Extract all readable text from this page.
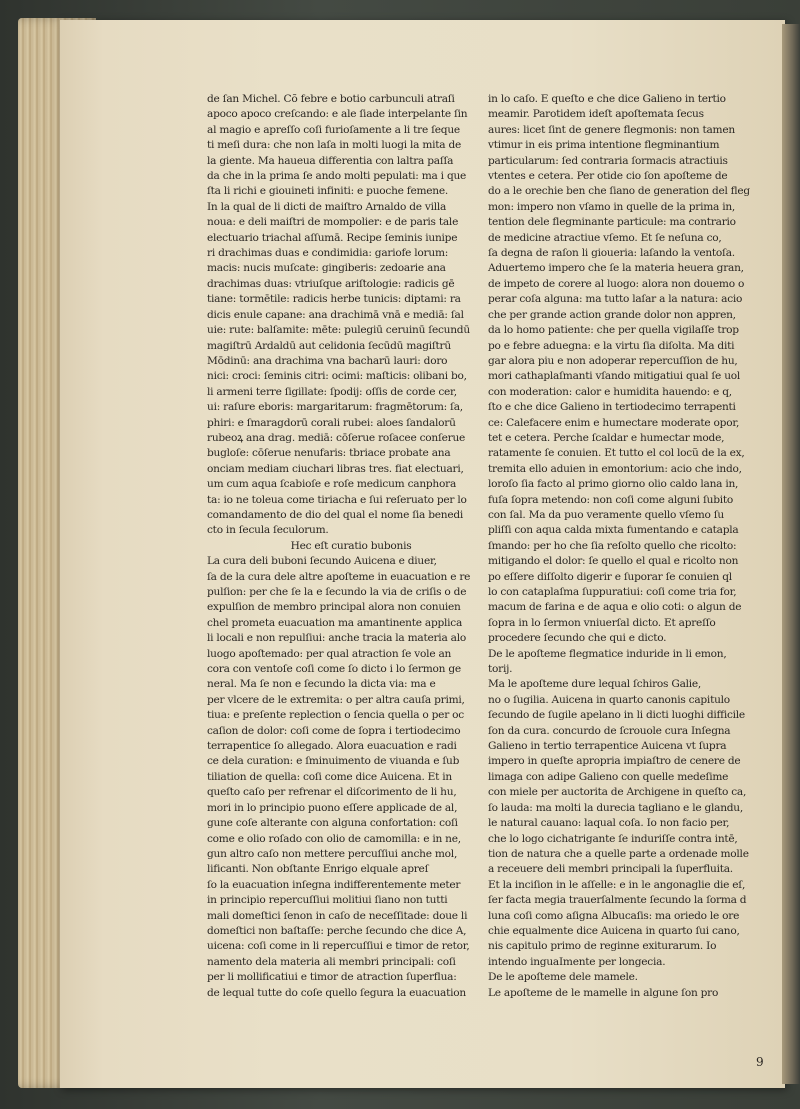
de ſan Michel. Cõ febre e botio carbunculi atraſi
apoco apoco creſcando: e ale ſiade interpelante ſin
al magio e apreſſo coſi furioſamente a li tre ſeque
ti meſi dura: che non laſa in molti luogi la mita de
la giente. Ma haueua differentia con laltra paſſa
da che in la prima ſe ando molti pepulati: ma i que
ſta li richi e giouineti infiniti: e puoche femene.
In la qual de li dicti de maiſtro Arnaldo de villa
noua: e deli maiſtri de mompolier: e de paris tale
electuario triachal aſſumā. Recipe ſeminis iunipe
ri drachimas duas e condimidia: gariofe lorum:
macis: nucis muſcate: gingiberis: zedoarie ana
drachimas duas: vtriuſque ariſtologie: radicis gē
tiane: tormētile: radicis herbe tunicis: diptami: ra
dicis enule capane: ana drachimā vnā e mediā: ſal
uie: rute: balſamite: mēte: pulegiū ceruinū ſecundū
magiſtrū Ardaldū aut celidonia ſecūdū magiſtrū
Mōdinū: ana drachima vna bacharū lauri: doro
nici: croci: ſeminis citri: ocimi: maſticis: olibani bo,
li armeni terre ſigillate: ſpodij: oſſis de corde cer,
ui: raſure eboris: margaritarum: fragmētorum: ſa,
phiri: e ſmaragdorū corali rubei: aloes ſandalorū
rubeoꝝ ana drag. mediā: cōſerue roſacee conſerue
bugloſe: cōſerue nenufaris: tbriace probate ana
onciam mediam ciuchari libras tres. fiat electuari,
um cum aqua ſcabioſe e roſe medicum canphora
ta: io ne toleua come tiriacha e ſui reſeruato per lo
comandamento de dio del qual el nome ſia benedi
cto in ſecula ſeculorum.
Hec eſt curatio bubonis
La cura deli buboni ſecundo Auicena e diuer,
ſa de la cura dele altre apoſteme in euacuation e re
pulſion: per che ſe la e ſecundo la via de criſis o de
expulſion de membro principal alora non conuien
chel prometa euacuation ma amantinente applica
li locali e non repulſiui: anche tracia la materia alo
luogo apoſtemado: per qual atraction ſe vole an
cora con ventoſe coſi come ſo dicto i lo ſermon ge
neral. Ma ſe non e ſecundo la dicta via: ma e
per vlcere de le extremita: o per altra cauſa primi,
tiua: e preſente replection o ſencia quella o per oc
caſion de dolor: coſi come de ſopra i tertiodecimo
terrapentice ſo allegado. Alora euacuation e radi
ce dela curation: e ſminuimento de viuanda e ſub
tiliation de quella: coſi come dice Auicena. Et in
queſto caſo per refrenar el diſcorimento de li hu,
mori in lo principio puono eſſere applicade de al,
gune coſe alterante con alguna confortation: coſi
come e olio roſado con olio de camomilla: e in ne,
gun altro caſo non mettere percuſſiui anche mol,
lificanti. Non obſtante Enrigo elquale apreſ
ſo la euacuation inſegna indifferentemente meter
in principio repercuſſiui molitiui ſiano non tutti
mali domeſtici ſenon in caſo de neceſſitade: doue li
domeſtici non baſtaſſe: perche ſecundo che dice A,
uicena: coſi come in li repercuſſiui e timor de retor,
namento dela materia ali membri principali: coſi
per li mollificatiui e timor de atraction ſuperflua:
de lequal tutte do coſe quello ſegura la euacuation
in lo caſo. E queſto e che dice Galieno in tertio
meamir. Parotidem ideſt apoſtemata ſecus
aures: licet ſint de genere flegmonis: non tamen
vtimur in eis prima intentione flegminantium
particularum: ſed contraria ſormacis atractiuis
vtentes e cetera. Per otide cio ſon apoſteme de
do a le orechie ben che ſiano de generation del fleg
mon: impero non vſamo in quelle de la prima in,
tention dele flegminante particule: ma contrario
de medicine atractiue vſemo. Et ſe neſuna co,
ſa degna de raſon li gioueria: laſando la ventoſa.
Aduertemo impero che ſe la materia heuera gran,
de impeto de corere al luogo: alora non douemo o
perar coſa alguna: ma tutto laſar a la natura: acio
che per grande action grande dolor non appren,
da lo homo patiente: che per quella vigilaſſe trop
po e febre aduegna: e la virtu ſia diſolta. Ma diti
gar alora piu e non adoperar repercuſſion de hu,
mori cathaplaſmanti vſando mitigatiui qual ſe uol
con moderation: calor e humidita hauendo: e q,
ſto e che dice Galieno in tertiodecimo terrapenti
ce: Calefacere enim e humectare moderate opor,
tet e cetera. Perche ſcaldar e humectar mode,
ratamente ſe conuien. Et tutto el col locũ de la ex,
tremita ello aduien in emontorium: acio che indo,
loroſo ſia facto al primo giorno olio caldo lana in,
fuſa ſopra metendo: non coſi come alguni ſubito
con ſal. Ma da puo veramente quello vſemo ſu
pliſſi con aqua calda mixta fumentando e catapla
ſmando: per ho che ſia reſolto quello che ricolto:
mitigando el dolor: ſe quello el qual e ricolto non
po eſſere diſſolto digerir e ſuporar ſe conuien ql
lo con cataplaſma ſuppuratiui: coſi come tria for,
macum de farina e de aqua e olio coti: o algun de
ſopra in lo ſermon vniuerſal dicto. Et apreſſo
procedere ſecundo che qui e dicto.
De le apoſteme flegmatice induride in li emon,
torij.
Ma le apoſteme dure lequal ſchiros Galie,
no o ſugilia. Auicena in quarto canonis capitulo
ſecundo de ſugile apelano in li dicti luoghi difficile
ſon da cura. concurdo de ſcrouole cura Inſegna
Galieno in tertio terrapentice Auicena vt ſupra
impero in queſte apropria impiaſtro de cenere de
limaga con adipe Galieno con quelle medeſime
con miele per auctorita de Archigene in queſto ca,
ſo lauda: ma molti la durecia tagliano e le glandu,
le natural cauano: laqual coſa. Io non facio per,
che lo logo cichatrigante ſe induriſſe contra intē,
tion de natura che a quelle parte a ordenade molle
a receuere deli membri principali la ſuperfluita.
Et la inciſion in le aſſelle: e in le angonaglie die eſ,
ſer facta megia trauerſalmente ſecundo la ſorma d
luna coſi como aſigna Albucaſis: ma oriedo le ore
chie equalmente dice Auicena in quarto ſui cano,
nis capitulo primo de reginne exiturarum. Io
intendo inguaImente per longecia.
De le apoſteme dele mamele.
Le apoſteme de le mamelle in algune ſon pro
9
